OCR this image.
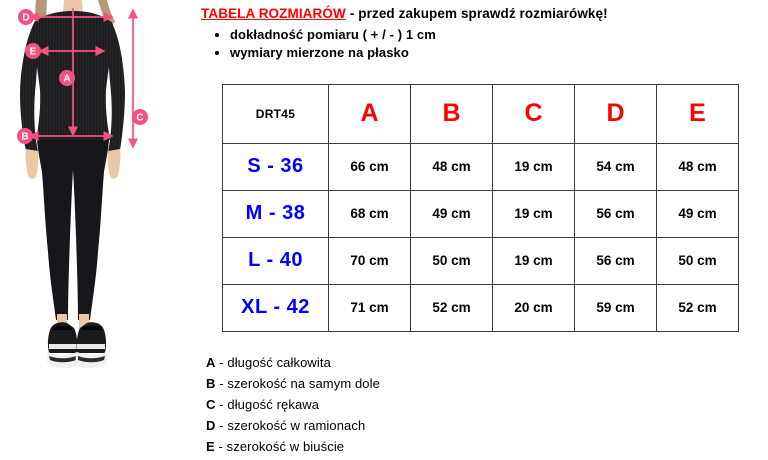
D
E
A
B
C
TABELA ROZMIARÓW - przed zakupem sprawdź rozmiarówkę!
• dokładność pomiaru ( + / - ) 1 cm
• wymiary mierzone na płasko
DRT45	A	B	C	D	E
S - 36	66 cm	48 cm	19 cm	54 cm	48 cm
M - 38	68 cm	49 cm	19 cm	56 cm	49 cm
L - 40	70 cm	50 cm	19 cm	56 cm	50 cm
XL - 42	71 cm	52 cm	20 cm	59 cm	52 cm
A - długość całkowita
B - szerokość na samym dole
C - długość rękawa
D - szerokość w ramionach
E - szerokość w biuście
